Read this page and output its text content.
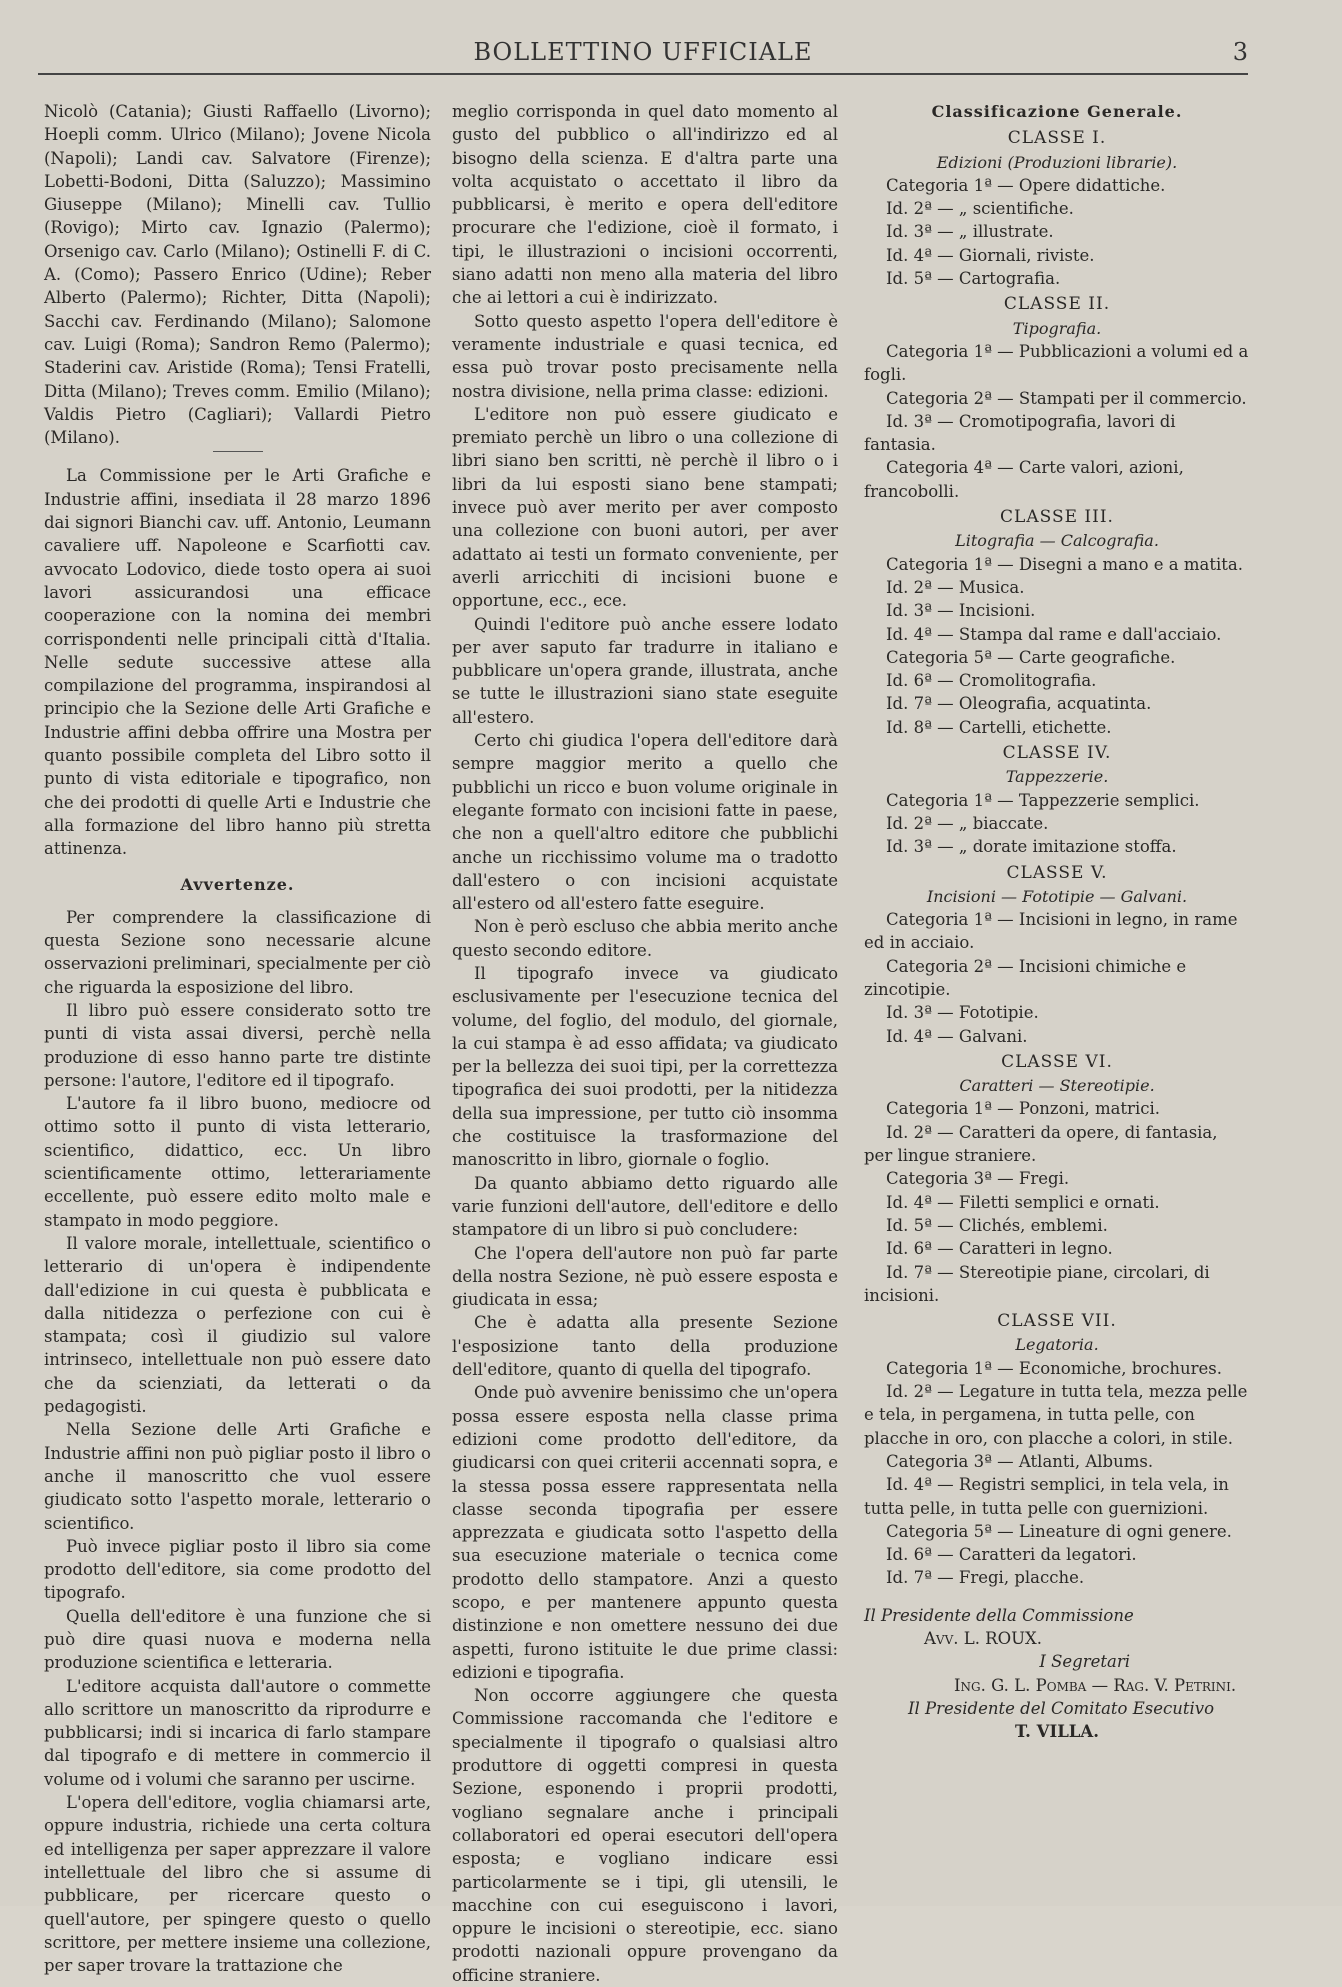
BOLLETTINO UFFICIALE	3

Nicolò (Catania); Giusti Raffaello (Livorno); Hoepli comm. Ulrico (Milano); Jovene Nicola (Napoli); Landi cav. Salvatore (Firenze); Lobetti-Bodoni, Ditta (Saluzzo); Massimino Giuseppe (Milano); Minelli cav. Tullio (Rovigo); Mirto cav. Ignazio (Palermo); Orsenigo cav. Carlo (Milano); Ostinelli F. di C. A. (Como); Passero Enrico (Udine); Reber Alberto (Palermo); Richter, Ditta (Napoli); Sacchi cav. Ferdinando (Milano); Salomone cav. Luigi (Roma); Sandron Remo (Palermo); Staderini cav. Aristide (Roma); Tensi Fratelli, Ditta (Milano); Treves comm. Emilio (Milano); Valdis Pietro (Cagliari); Vallardi Pietro (Milano).

La Commissione per le Arti Grafiche e Industrie affini, insediata il 28 marzo 1896 dai signori Bianchi cav. uff. Antonio, Leumann cavaliere uff. Napoleone e Scarfiotti cav. avvocato Lodovico, diede tosto opera ai suoi lavori assicurandosi una efficace cooperazione con la nomina dei membri corrispondenti nelle principali città d'Italia. Nelle sedute successive attese alla compilazione del programma, inspirandosi al principio che la Sezione delle Arti Grafiche e Industrie affini debba offrire una Mostra per quanto possibile completa del Libro sotto il punto di vista editoriale e tipografico, non che dei prodotti di quelle Arti e Industrie che alla formazione del libro hanno più stretta attinenza.

Avvertenze.

Per comprendere la classificazione di questa Sezione sono necessarie alcune osservazioni preliminari, specialmente per ciò che riguarda la esposizione del libro.

Il libro può essere considerato sotto tre punti di vista assai diversi, perchè nella produzione di esso hanno parte tre distinte persone: l'autore, l'editore ed il tipografo.

L'autore fa il libro buono, mediocre od ottimo sotto il punto di vista letterario, scientifico, didattico, ecc. Un libro scientificamente ottimo, letterariamente eccellente, può essere edito molto male e stampato in modo peggiore.

Il valore morale, intellettuale, scientifico o letterario di un'opera è indipendente dall'edizione in cui questa è pubblicata e dalla nitidezza o perfezione con cui è stampata; così il giudizio sul valore intrinseco, intellettuale non può essere dato che da scienziati, da letterati o da pedagogisti.

Nella Sezione delle Arti Grafiche e Industrie affini non può pigliar posto il libro o anche il manoscritto che vuol essere giudicato sotto l'aspetto morale, letterario o scientifico.

Può invece pigliar posto il libro sia come prodotto dell'editore, sia come prodotto del tipografo.

Quella dell'editore è una funzione che si può dire quasi nuova e moderna nella produzione scientifica e letteraria.

L'editore acquista dall'autore o commette allo scrittore un manoscritto da riprodurre e pubblicarsi; indi si incarica di farlo stampare dal tipografo e di mettere in commercio il volume od i volumi che saranno per uscirne.

L'opera dell'editore, voglia chiamarsi arte, oppure industria, richiede una certa coltura ed intelligenza per saper apprezzare il valore intellettuale del libro che si assume di pubblicare, per ricercare questo o quell'autore, per spingere questo o quello scrittore, per mettere insieme una collezione, per saper trovare la trattazione che

meglio corrisponda in quel dato momento al gusto del pubblico o all'indirizzo ed al bisogno della scienza. E d'altra parte una volta acquistato o accettato il libro da pubblicarsi, è merito e opera dell'editore procurare che l'edizione, cioè il formato, i tipi, le illustrazioni o incisioni occorrenti, siano adatti non meno alla materia del libro che ai lettori a cui è indirizzato.

Sotto questo aspetto l'opera dell'editore è veramente industriale e quasi tecnica, ed essa può trovar posto precisamente nella nostra divisione, nella prima classe: edizioni.

L'editore non può essere giudicato e premiato perchè un libro o una collezione di libri siano ben scritti, nè perchè il libro o i libri da lui esposti siano bene stampati; invece può aver merito per aver composto una collezione con buoni autori, per aver adattato ai testi un formato conveniente, per averli arricchiti di incisioni buone e opportune, ecc., ece.

Quindi l'editore può anche essere lodato per aver saputo far tradurre in italiano e pubblicare un'opera grande, illustrata, anche se tutte le illustrazioni siano state eseguite all'estero.

Certo chi giudica l'opera dell'editore darà sempre maggior merito a quello che pubblichi un ricco e buon volume originale in elegante formato con incisioni fatte in paese, che non a quell'altro editore che pubblichi anche un ricchissimo volume ma o tradotto dall'estero o con incisioni acquistate all'estero od all'estero fatte eseguire.

Non è però escluso che abbia merito anche questo secondo editore.

Il tipografo invece va giudicato esclusivamente per l'esecuzione tecnica del volume, del foglio, del modulo, del giornale, la cui stampa è ad esso affidata; va giudicato per la bellezza dei suoi tipi, per la correttezza tipografica dei suoi prodotti, per la nitidezza della sua impressione, per tutto ciò insomma che costituisce la trasformazione del manoscritto in libro, giornale o foglio.

Da quanto abbiamo detto riguardo alle varie funzioni dell'autore, dell'editore e dello stampatore di un libro si può concludere:

Che l'opera dell'autore non può far parte della nostra Sezione, nè può essere esposta e giudicata in essa;

Che è adatta alla presente Sezione l'esposizione tanto della produzione dell'editore, quanto di quella del tipografo.

Onde può avvenire benissimo che un'opera possa essere esposta nella classe prima edizioni come prodotto dell'editore, da giudicarsi con quei criterii accennati sopra, e la stessa possa essere rappresentata nella classe seconda tipografia per essere apprezzata e giudicata sotto l'aspetto della sua esecuzione materiale o tecnica come prodotto dello stampatore. Anzi a questo scopo, e per mantenere appunto questa distinzione e non omettere nessuno dei due aspetti, furono istituite le due prime classi: edizioni e tipografia.

Non occorre aggiungere che questa Commissione raccomanda che l'editore e specialmente il tipografo o qualsiasi altro produttore di oggetti compresi in questa Sezione, esponendo i proprii prodotti, vogliano segnalare anche i principali collaboratori ed operai esecutori dell'opera esposta; e vogliano indicare essi particolarmente se i tipi, gli utensili, le macchine con cui eseguiscono i lavori, oppure le incisioni o stereotipie, ecc. siano prodotti nazionali oppure provengano da officine straniere.

Classificazione Generale.
CLASSE I.
Edizioni (Produzioni librarie).

Categoria 1ª — Opere didattiche.

Id. 2ª — „ scientifiche.

Id. 3ª — „ illustrate.

Id. 4ª — Giornali, riviste.

Id. 5ª — Cartografia.

CLASSE II.
Tipografia.

Categoria 1ª — Pubblicazioni a volumi ed a fogli.

Categoria 2ª — Stampati per il commercio.

Id. 3ª — Cromotipografia, lavori di fantasia.

Categoria 4ª — Carte valori, azioni, francobolli.

CLASSE III.
Litografia — Calcografia.

Categoria 1ª — Disegni a mano e a matita.

Id. 2ª — Musica.

Id. 3ª — Incisioni.

Id. 4ª — Stampa dal rame e dall'acciaio.

Categoria 5ª — Carte geografiche.

Id. 6ª — Cromolitografia.

Id. 7ª — Oleografia, acquatinta.

Id. 8ª — Cartelli, etichette.

CLASSE IV.
Tappezzerie.

Categoria 1ª — Tappezzerie semplici.

Id. 2ª — „ biaccate.

Id. 3ª — „ dorate imitazione stoffa.

CLASSE V.
Incisioni — Fototipie — Galvani.

Categoria 1ª — Incisioni in legno, in rame ed in acciaio.

Categoria 2ª — Incisioni chimiche e zincotipie.

Id. 3ª — Fototipie.

Id. 4ª — Galvani.

CLASSE VI.
Caratteri — Stereotipie.

Categoria 1ª — Ponzoni, matrici.

Id. 2ª — Caratteri da opere, di fantasia, per lingue straniere.

Categoria 3ª — Fregi.

Id. 4ª — Filetti semplici e ornati.

Id. 5ª — Clichés, emblemi.

Id. 6ª — Caratteri in legno.

Id. 7ª — Stereotipie piane, circolari, di incisioni.

CLASSE VII.
Legatoria.

Categoria 1ª — Economiche, brochures.

Id. 2ª — Legature in tutta tela, mezza pelle e tela, in pergamena, in tutta pelle, con placche in oro, con placche a colori, in stile.

Categoria 3ª — Atlanti, Albums.

Id. 4ª — Registri semplici, in tela vela, in tutta pelle, in tutta pelle con guernizioni.

Categoria 5ª — Lineature di ogni genere.

Id. 6ª — Caratteri da legatori.

Id. 7ª — Fregi, placche.

Il Presidente della Commissione
Avv. L. ROUX.
I Segretari
Ing. G. L. Pomba — Rag. V. Petrini.
Il Presidente del Comitato Esecutivo
T. VILLA.
